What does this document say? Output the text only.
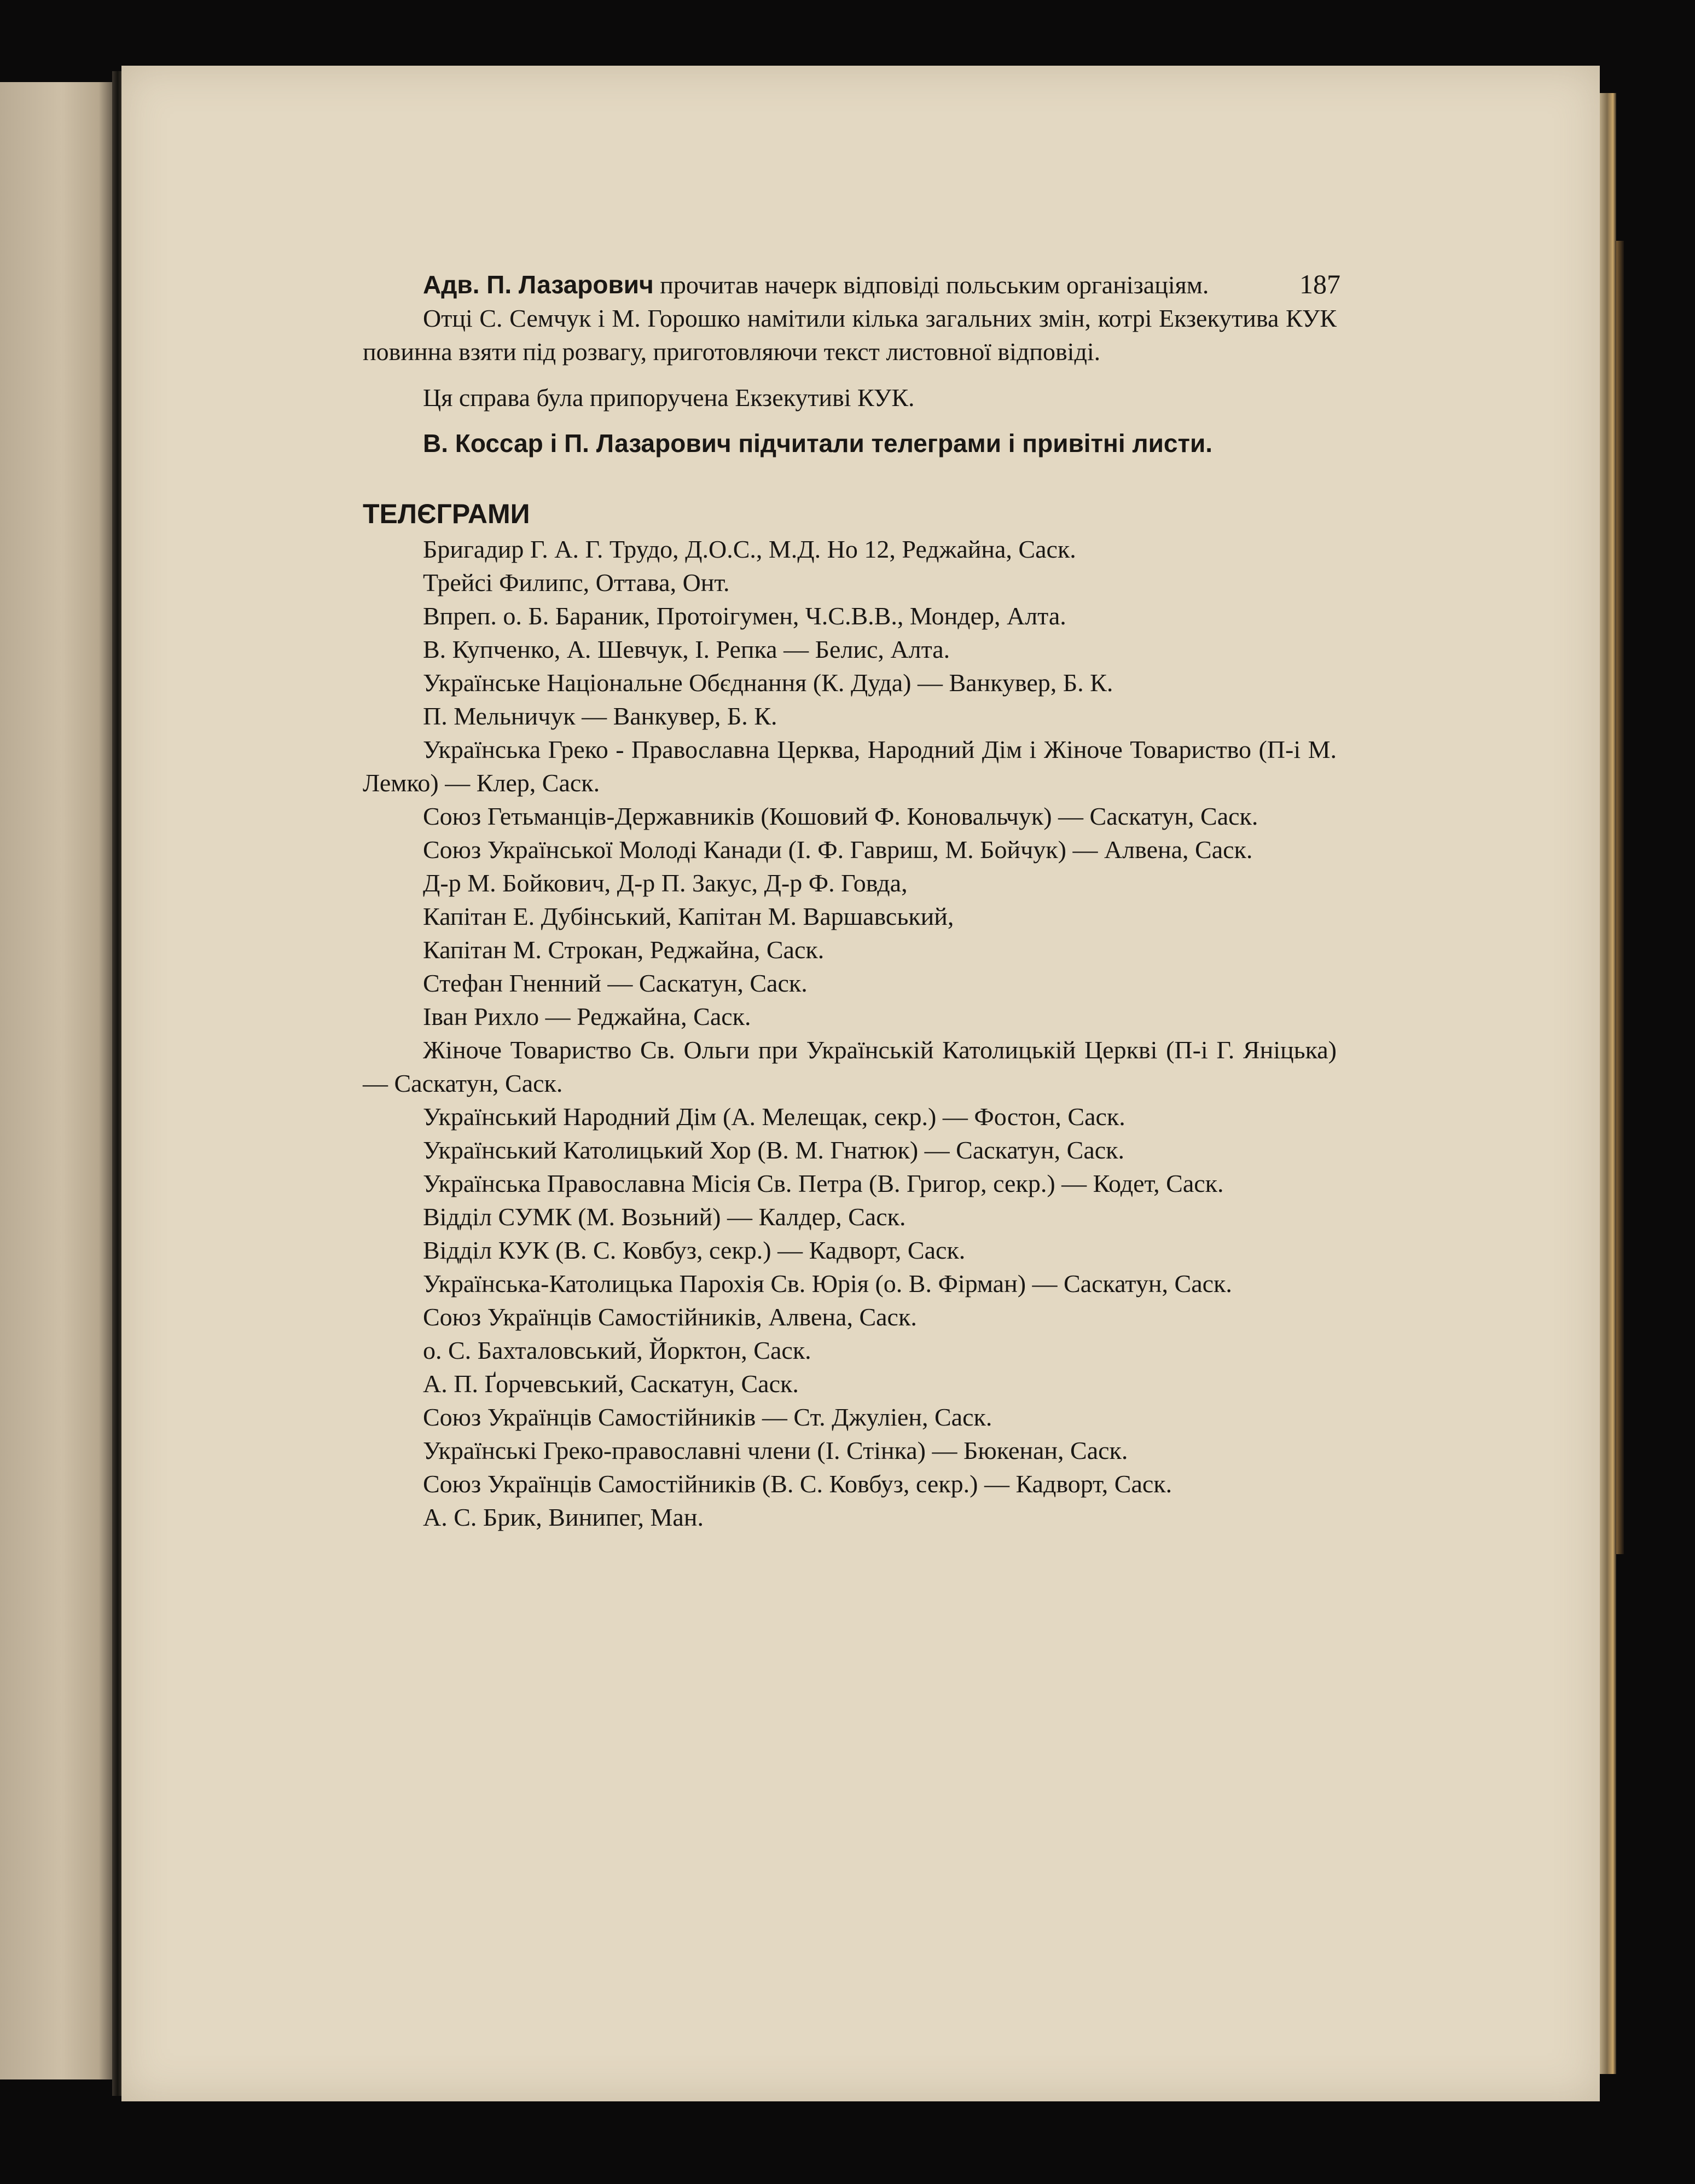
187

Адв. П. Лазарович прочитав начерк відповіді польським організаціям.

Отці С. Семчук і М. Горошко намітили кілька загальних змін, котрі Екзекутива КУК повинна взяти під розвагу, приготовляючи текст листовної відповіді.

Ця справа була припоручена Екзекутиві КУК.

В. Коссар і П. Лазарович підчитали телеграми і привітні листи.

ТЕЛЄГРАМИ

Бригадир Г. А. Г. Трудо, Д.О.С., М.Д. Но 12, Реджайна, Саск.

Трейсі Филипс, Оттава, Онт.

Впреп. о. Б. Бараник, Протоігумен, Ч.С.В.В., Мондер, Алта.

В. Купченко, А. Шевчук, І. Репка — Белис, Алта.

Українське Національне Обєднання (К. Дуда) — Ванкувер, Б. К.

П. Мельничук — Ванкувер, Б. К.

Українська Греко - Православна Церква, Народний Дім і Жіноче Товариство (П-і М. Лемко) — Клер, Саск.

Союз Гетьманців-Державників (Кошовий Ф. Коновальчук) — Саскатун, Саск.

Союз Української Молоді Канади (І. Ф. Гавриш, М. Бойчук) — Алвена, Саск.

Д-р М. Бойкович, Д-р П. Закус, Д-р Ф. Говда,

Капітан Е. Дубінський, Капітан М. Варшавський,

Капітан М. Строкан, Реджайна, Саск.

Стефан Гненний — Саскатун, Саск.

Іван Рихло — Реджайна, Саск.

Жіноче Товариство Св. Ольги при Українській Католицькій Церкві (П-і Г. Яніцька) — Саскатун, Саск.

Український Народний Дім (А. Мелещак, секр.) — Фостон, Саск.

Український Католицький Хор (В. М. Гнатюк) — Саскатун, Саск.

Українська Православна Місія Св. Петра (В. Григор, секр.) — Кодет, Саск.

Відділ СУМК (М. Возьний) — Калдер, Саск.

Відділ КУК (В. С. Ковбуз, секр.) — Кадворт, Саск.

Українська-Католицька Парохія Св. Юрія (о. В. Фірман) — Саскатун, Саск.

Союз Українців Самостійників, Алвена, Саск.

о. С. Бахталовський, Йорктон, Саск.

А. П. Ґорчевський, Саскатун, Саск.

Союз Українців Самостійників — Ст. Джуліен, Саск.

Українські Греко-православні члени (І. Стінка) — Бюкенан, Саск.

Союз Українців Самостійників (В. С. Ковбуз, секр.) — Кадворт, Саск.

А. С. Брик, Винипег, Ман.
